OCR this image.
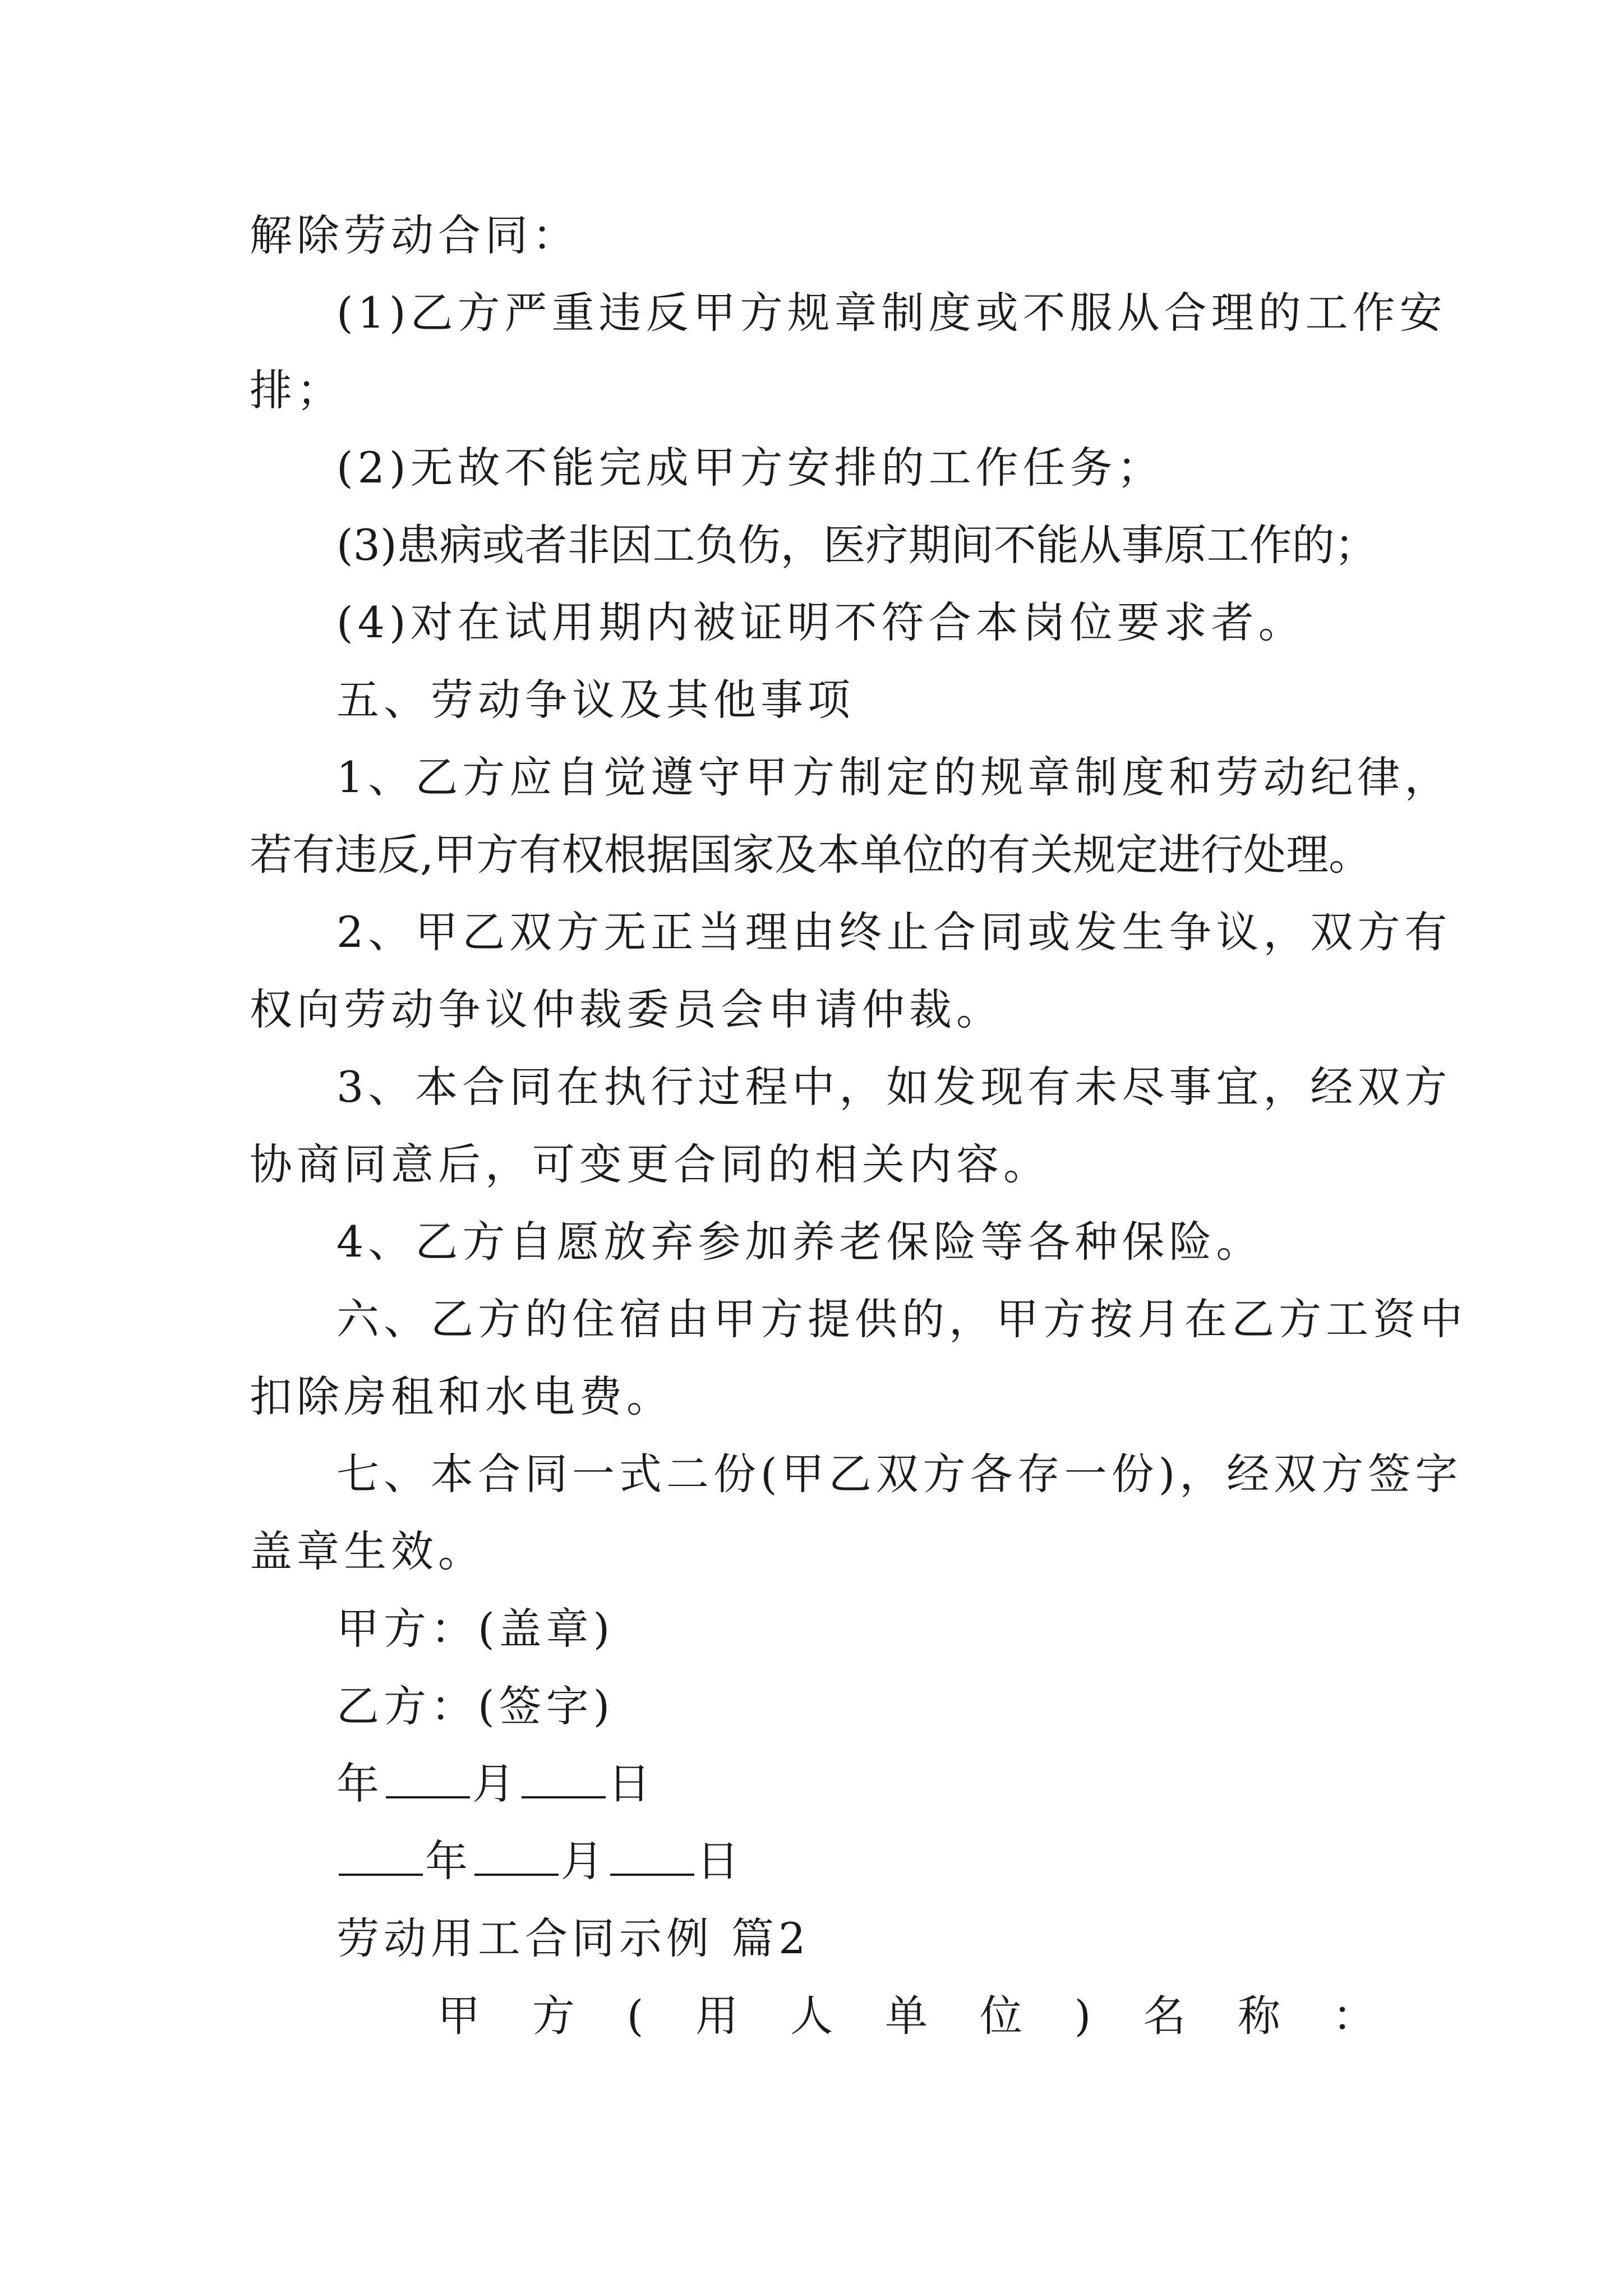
解除劳动合同：
(1)乙方严重违反甲方规章制度或不服从合理的工作安
排；
(2)无故不能完成甲方安排的工作任务；
(3)患病或者非因工负伤，医疗期间不能从事原工作的；
(4)对在试用期内被证明不符合本岗位要求者。
五、劳动争议及其他事项
1、乙方应自觉遵守甲方制定的规章制度和劳动纪律，
若有违反,甲方有权根据国家及本单位的有关规定进行处理。
2、甲乙双方无正当理由终止合同或发生争议，双方有
权向劳动争议仲裁委员会申请仲裁。
3、本合同在执行过程中，如发现有未尽事宜，经双方
协商同意后，可变更合同的相关内容。
4、乙方自愿放弃参加养老保险等各种保险。
六、乙方的住宿由甲方提供的，甲方按月在乙方工资中
扣除房租和水电费。
七、本合同一式二份(甲乙双方各存一份)，经双方签字
盖章生效。
甲方：(盖章)
乙方：(签字)
年 月 日
年 月 日
劳动用工合同示例 篇2
甲 方 ( 用 人 单 位 ) 名 称 ：
